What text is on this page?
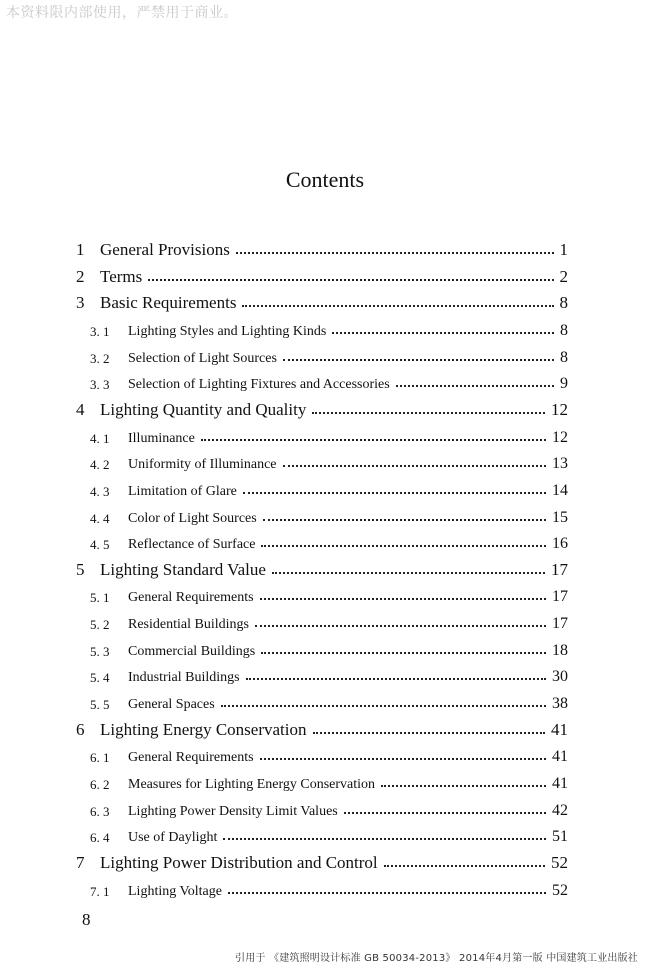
本资料限内部使用，严禁用于商业。
Contents
1 General Provisions	1
2 Terms	2
3 Basic Requirements	8
3. 1	Lighting Styles and Lighting Kinds	8
3. 2	Selection of Light Sources	8
3. 3	Selection of Lighting Fixtures and Accessories	9
4 Lighting Quantity and Quality	12
4. 1	Illuminance	12
4. 2	Uniformity of Illuminance	13
4. 3	Limitation of Glare	14
4. 4	Color of Light Sources	15
4. 5	Reflectance of Surface	16
5 Lighting Standard Value	17
5. 1	General Requirements	17
5. 2	Residential Buildings	17
5. 3	Commercial Buildings	18
5. 4	Industrial Buildings	30
5. 5	General Spaces	38
6 Lighting Energy Conservation	41
6. 1	General Requirements	41
6. 2	Measures for Lighting Energy Conservation	41
6. 3	Lighting Power Density Limit Values	42
6. 4	Use of Daylight	51
7 Lighting Power Distribution and Control	52
7. 1	Lighting Voltage	52
8
引用于 《建筑照明设计标准 GB 50034-2013》 2014年4月第一版 中国建筑工业出版社
